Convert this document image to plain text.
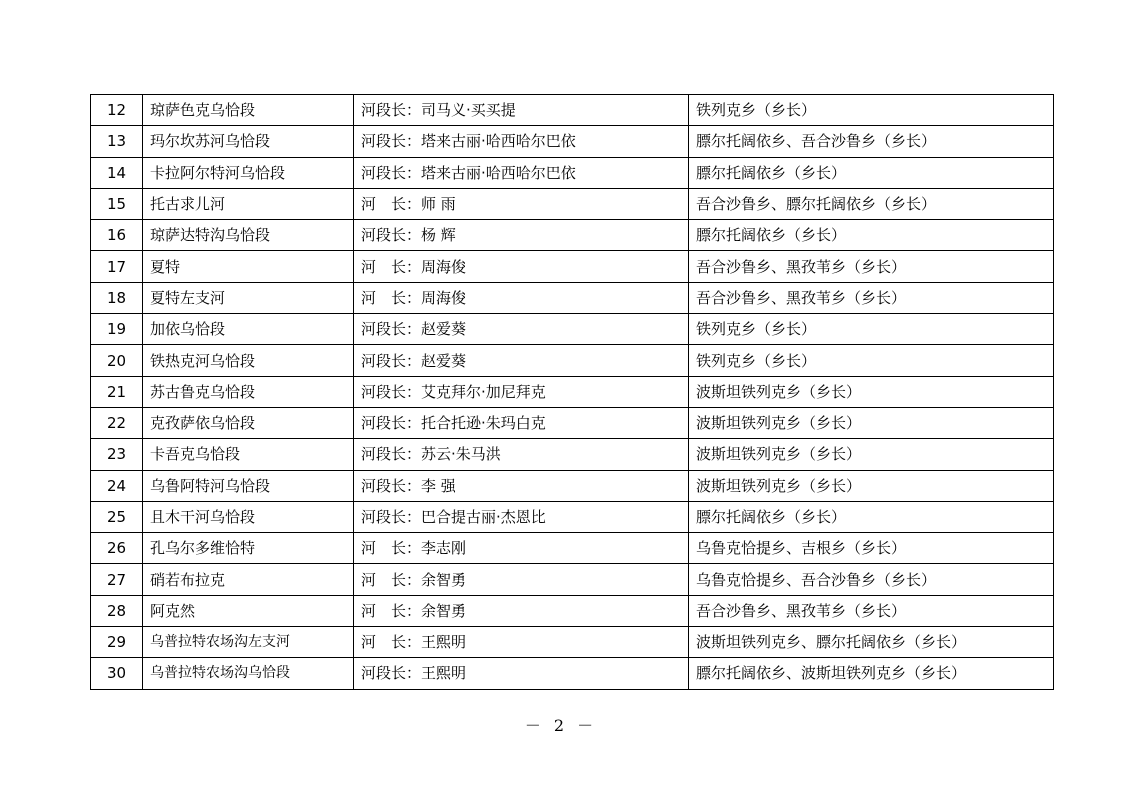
12	琼萨色克乌恰段	河段长：司马义·买买提	铁列克乡（乡长）
13	玛尔坎苏河乌恰段	河段长：塔来古丽·哈西哈尔巴依	膘尔托阔依乡、吾合沙鲁乡（乡长）
14	卡拉阿尔特河乌恰段	河段长：塔来古丽·哈西哈尔巴依	膘尔托阔依乡（乡长）
15	托古求儿河	河　长：师 雨	吾合沙鲁乡、膘尔托阔依乡（乡长）
16	琼萨达特沟乌恰段	河段长：杨 辉	膘尔托阔依乡（乡长）
17	夏特	河　长：周海俊	吾合沙鲁乡、黑孜苇乡（乡长）
18	夏特左支河	河　长：周海俊	吾合沙鲁乡、黑孜苇乡（乡长）
19	加依乌恰段	河段长：赵爱葵	铁列克乡（乡长）
20	铁热克河乌恰段	河段长：赵爱葵	铁列克乡（乡长）
21	苏古鲁克乌恰段	河段长：艾克拜尔·加尼拜克	波斯坦铁列克乡（乡长）
22	克孜萨依乌恰段	河段长：托合托逊·朱玛白克	波斯坦铁列克乡（乡长）
23	卡吾克乌恰段	河段长：苏云·朱马洪	波斯坦铁列克乡（乡长）
24	乌鲁阿特河乌恰段	河段长：李 强	波斯坦铁列克乡（乡长）
25	且木干河乌恰段	河段长：巴合提古丽·杰恩比	膘尔托阔依乡（乡长）
26	孔乌尔多维恰特	河　长：李志刚	乌鲁克恰提乡、吉根乡（乡长）
27	硝若布拉克	河　长：余智勇	乌鲁克恰提乡、吾合沙鲁乡（乡长）
28	阿克然	河　长：余智勇	吾合沙鲁乡、黑孜苇乡（乡长）
29	乌普拉特农场沟左支河	河　长：王熙明	波斯坦铁列克乡、膘尔托阔依乡（乡长）
30	乌普拉特农场沟乌恰段	河段长：王熙明	膘尔托阔依乡、波斯坦铁列克乡（乡长）
－ 2 －
